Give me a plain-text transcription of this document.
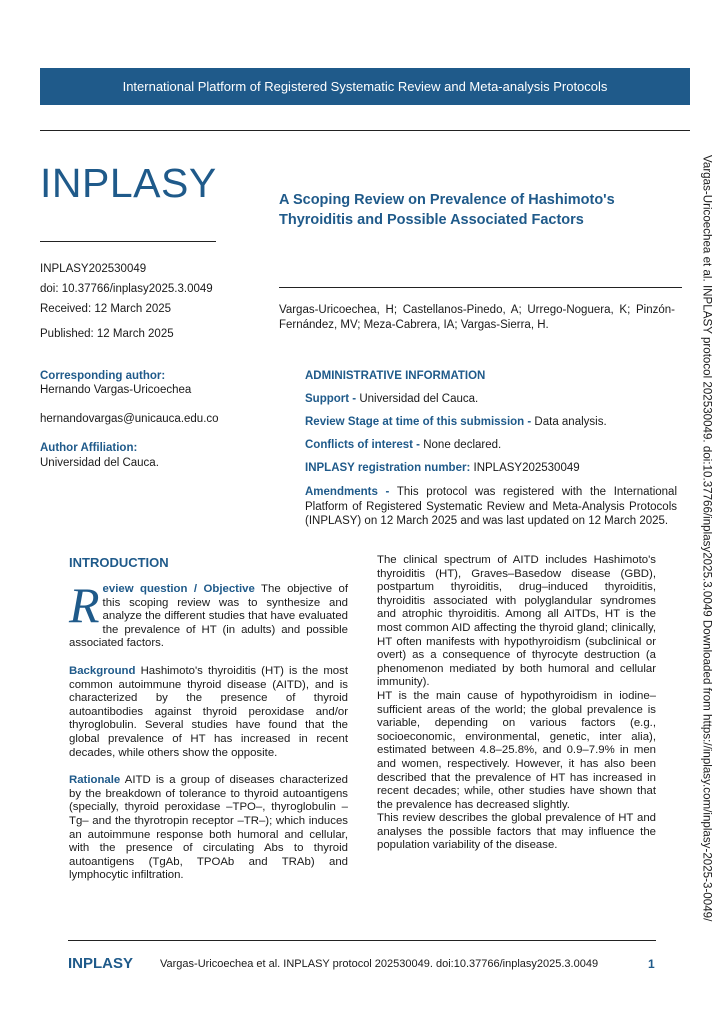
International Platform of Registered Systematic Review and Meta-analysis Protocols
INPLASY	A Scoping Review on Prevalence of Hashimoto's Thyroiditis and Possible Associated Factors
INPLASY202530049
doi: 10.37766/inplasy2025.3.0049
Received: 12 March 2025
Published: 12 March 2025
Vargas-Uricoechea, H; Castellanos-Pinedo, A; Urrego-Noguera, K; Pinzón-Fernández, MV; Meza-Cabrera, IA; Vargas-Sierra, H.
Corresponding author:
Hernando Vargas-Uricoechea
hernandovargas@unicauca.edu.co
Author Affiliation:
Universidad del Cauca.
ADMINISTRATIVE INFORMATION
Support - Universidad del Cauca.
Review Stage at time of this submission - Data analysis.
Conflicts of interest - None declared.
INPLASY registration number: INPLASY202530049
Amendments - This protocol was registered with the International Platform of Registered Systematic Review and Meta-Analysis Protocols (INPLASY) on 12 March 2025 and was last updated on 12 March 2025.
INTRODUCTION

Review question / Objective The objective of this scoping review was to synthesize and analyze the different studies that have evaluated the prevalence of HT (in adults) and possible associated factors.

Background Hashimoto's thyroiditis (HT) is the most common autoimmune thyroid disease (AITD), and is characterized by the presence of thyroid autoantibodies against thyroid peroxidase and/or thyroglobulin. Several studies have found that the global prevalence of HT has increased in recent decades, while others show the opposite.

Rationale AITD is a group of diseases characterized by the breakdown of tolerance to thyroid autoantigens (specially, thyroid peroxidase –TPO–, thyroglobulin –Tg– and the thyrotropin receptor –TR–); which induces an autoimmune response both humoral and cellular, with the presence of circulating Abs to thyroid autoantigens (TgAb, TPOAb and TRAb) and lymphocytic infiltration.

The clinical spectrum of AITD includes Hashimoto's thyroiditis (HT), Graves–Basedow disease (GBD), postpartum thyroiditis, drug–induced thyroiditis, thyroiditis associated with polyglandular syndromes and atrophic thyroiditis. Among all AITDs, HT is the most common AID affecting the thyroid gland; clinically, HT often manifests with hypothyroidism (subclinical or overt) as a consequence of thyrocyte destruction (a phenomenon mediated by both humoral and cellular immunity).

HT is the main cause of hypothyroidism in iodine–sufficient areas of the world; the global prevalence is variable, depending on various factors (e.g., socioeconomic, environmental, genetic, inter alia), estimated between 4.8–25.8%, and 0.9–7.9% in men and women, respectively. However, it has also been described that the prevalence of HT has increased in recent decades; while, other studies have shown that the prevalence has decreased slightly.

This review describes the global prevalence of HT and analyses the possible factors that may influence the population variability of the disease.	Vargas-Uricoechea et al. INPLASY protocol 202530049. doi:10.37766/inplasy2025.3.0049 Downloaded from https://inplasy.com/inplasy-2025-3-0049/
INPLASY Vargas-Uricoechea et al. INPLASY protocol 202530049. doi:10.37766/inplasy2025.3.0049	1
